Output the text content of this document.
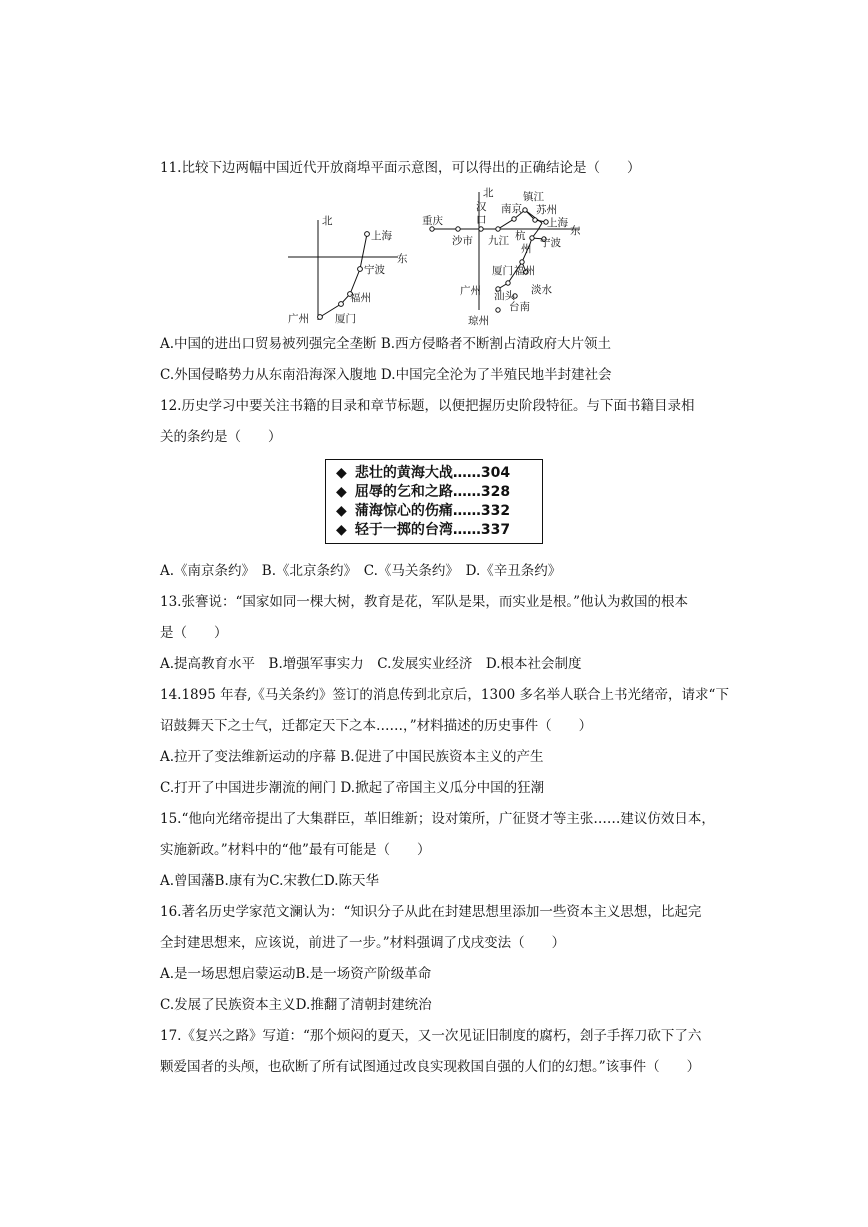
11.比较下边两幅中国近代开放商埠平面示意图，可以得出的正确结论是（　　）
北
东
上海
宁波
福州
厦门
广州
北
东
重庆
沙市
汉
口
南京
镇江
苏州
上海
九江 杭
州 宁波
厦门 福州
广州 汕头 淡水
台南
琼州
A.中国的进出口贸易被列强完全垄断 B.西方侵略者不断割占清政府大片领土
C.外国侵略势力从东南沿海深入腹地 D.中国完全沦为了半殖民地半封建社会
12.历史学习中要关注书籍的目录和章节标题，以便把握历史阶段特征。与下面书籍目录相
关的条约是（　　）
◆ 悲壮的黄海大战……304
◆ 屈辱的乞和之路……328
◆ 蒲海惊心的伤痛……332
◆ 轻于一掷的台湾……337
A.《南京条约》　B.《北京条约》　C.《马关条约》　D.《辛丑条约》
13.张謇说：“国家如同一棵大树，教育是花，军队是果，而实业是根。”他认为救国的根本
是（　　）
A.提高教育水平　B.增强军事实力　C.发展实业经济　D.根本社会制度
14.1895 年春,《马关条约》签订的消息传到北京后，1300 多名举人联合上书光绪帝，请求“下
诏鼓舞天下之士气，迁都定天下之本……，”材料描述的历史事件（　　）
A.拉开了变法维新运动的序幕 B.促进了中国民族资本主义的产生
C.打开了中国进步潮流的闸门 D.掀起了帝国主义瓜分中国的狂潮
15.“他向光绪帝提出了大集群臣，革旧维新；设对策所，广征贤才等主张……建议仿效日本，
实施新政。”材料中的“他”最有可能是（　　）
A.曾国藩B.康有为C.宋教仁D.陈天华
16.著名历史学家范文澜认为：“知识分子从此在封建思想里添加一些资本主义思想，比起完
全封建思想来，应该说，前进了一步。”材料强调了戊戌变法（　　）
A.是一场思想启蒙运动B.是一场资产阶级革命
C.发展了民族资本主义D.推翻了清朝封建统治
17.《复兴之路》写道：“那个烦闷的夏天，又一次见证旧制度的腐朽，刽子手挥刀砍下了六
颗爱国者的头颅，也砍断了所有试图通过改良实现救国自强的人们的幻想。”该事件（　　）
